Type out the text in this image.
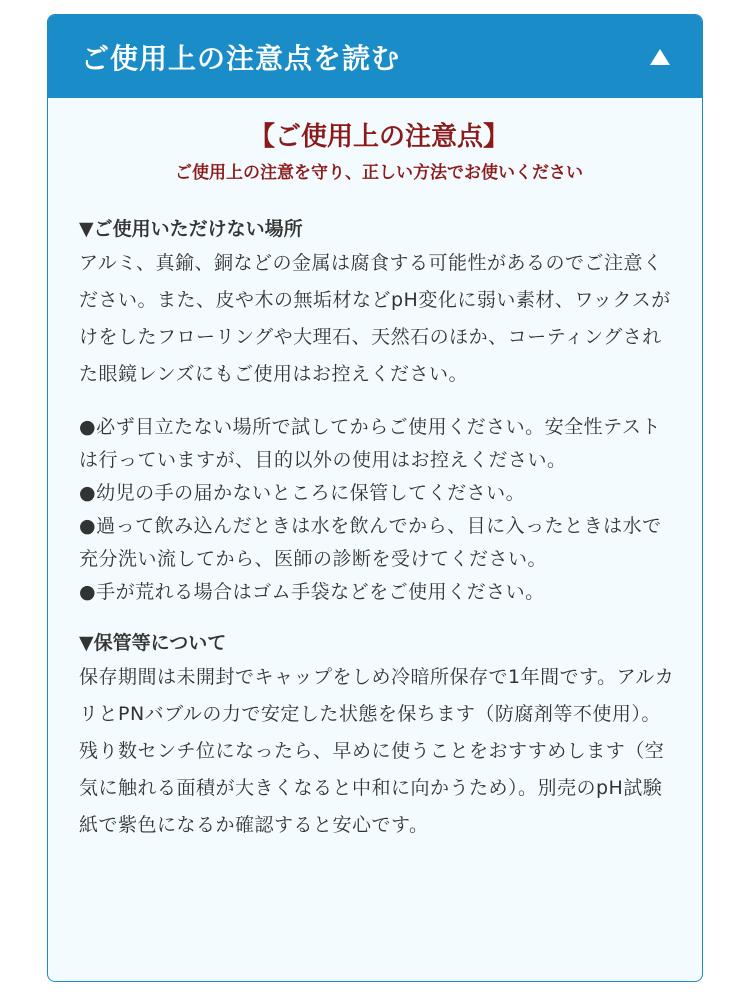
ご使用上の注意点を読む

【ご使用上の注意点】

ご使用上の注意を守り、正しい方法でお使いください

▼ご使用いただけない場所

アルミ、真鍮、銅などの金属は腐食する可能性があるのでご注意ください。また、皮や木の無垢材などpH変化に弱い素材、ワックスがけをしたフローリングや大理石、天然石のほか、コーティングされた眼鏡レンズにもご使用はお控えください。

●必ず目立たない場所で試してからご使用ください。安全性テストは行っていますが、目的以外の使用はお控えください。

●幼児の手の届かないところに保管してください。

●過って飲み込んだときは水を飲んでから、目に入ったときは水で充分洗い流してから、医師の診断を受けてください。

●手が荒れる場合はゴム手袋などをご使用ください。

▼保管等について

保存期間は未開封でキャップをしめ冷暗所保存で1年間です。アルカリとPNバブルの力で安定した状態を保ちます（防腐剤等不使用）。残り数センチ位になったら、早めに使うことをおすすめします（空気に触れる面積が大きくなると中和に向かうため）。別売のpH試験紙で紫色になるか確認すると安心です。
